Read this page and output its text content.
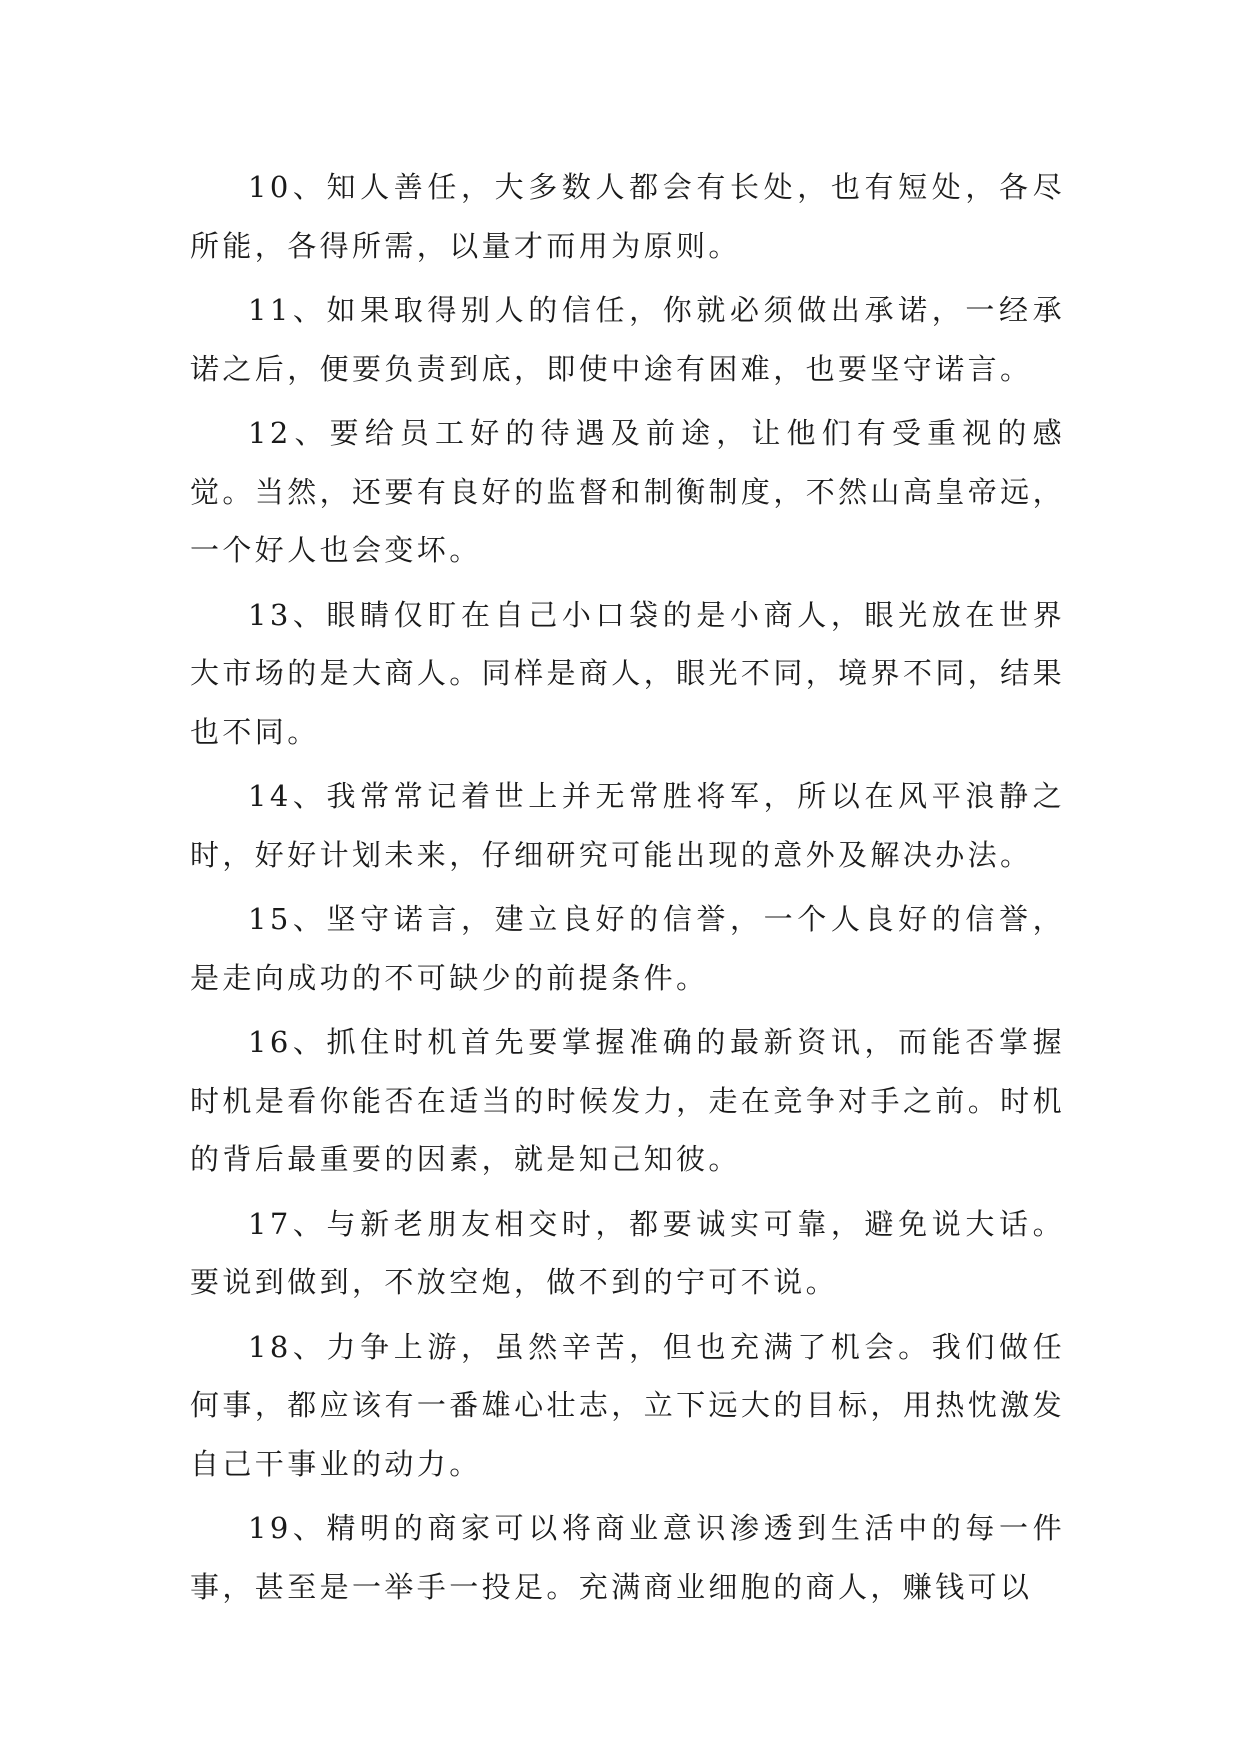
10、知人善任，大多数人都会有长处，也有短处，各尽所能，各得所需，以量才而用为原则。

11、如果取得别人的信任，你就必须做出承诺，一经承诺之后，便要负责到底，即使中途有困难，也要坚守诺言。

12、要给员工好的待遇及前途，让他们有受重视的感觉。当然，还要有良好的监督和制衡制度，不然山高皇帝远，一个好人也会变坏。

13、眼睛仅盯在自己小口袋的是小商人，眼光放在世界大市场的是大商人。同样是商人，眼光不同，境界不同，结果也不同。

14、我常常记着世上并无常胜将军，所以在风平浪静之时，好好计划未来，仔细研究可能出现的意外及解决办法。

15、坚守诺言，建立良好的信誉，一个人良好的信誉，是走向成功的不可缺少的前提条件。

16、抓住时机首先要掌握准确的最新资讯，而能否掌握时机是看你能否在适当的时候发力，走在竞争对手之前。时机的背后最重要的因素，就是知己知彼。

17、与新老朋友相交时，都要诚实可靠，避免说大话。要说到做到，不放空炮，做不到的宁可不说。

18、力争上游，虽然辛苦，但也充满了机会。我们做任何事，都应该有一番雄心壮志，立下远大的目标，用热忱激发自己干事业的动力。

19、精明的商家可以将商业意识渗透到生活中的每一件事，甚至是一举手一投足。充满商业细胞的商人，赚钱可以
